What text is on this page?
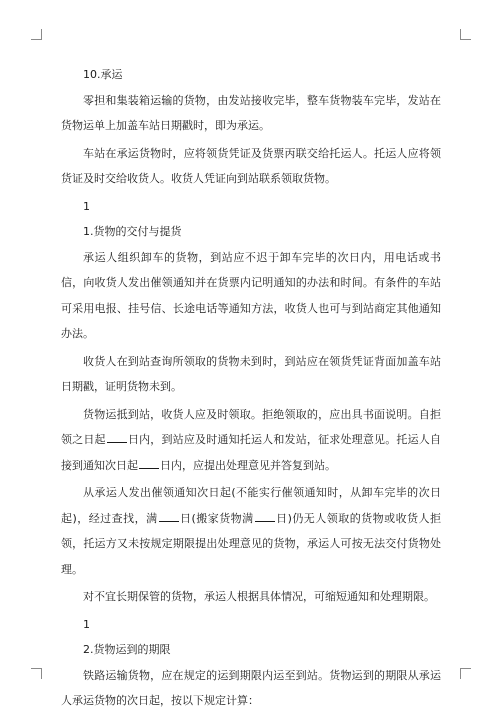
10.承运

零担和集装箱运输的货物，由发站接收完毕，整车货物装车完毕，发站在货物运单上加盖车站日期戳时，即为承运。

车站在承运货物时，应将领货凭证及货票丙联交给托运人。托运人应将领货证及时交给收货人。收货人凭证向到站联系领取货物。

1

1.货物的交付与提货

承运人组织卸车的货物，到站应不迟于卸车完毕的次日内，用电话或书信，向收货人发出催领通知并在货票内记明通知的办法和时间。有条件的车站可采用电报、挂号信、长途电话等通知方法，收货人也可与到站商定其他通知办法。

收货人在到站查询所领取的货物未到时，到站应在领货凭证背面加盖车站日期戳，证明货物未到。

货物运抵到站，收货人应及时领取。拒绝领取的，应出具书面说明。自拒领之日起 日内，到站应及时通知托运人和发站，征求处理意见。托运人自接到通知次日起 日内，应提出处理意见并答复到站。

从承运人发出催领通知次日起(不能实行催领通知时，从卸车完毕的次日起)，经过查找，满 日(搬家货物满 日)仍无人领取的货物或收货人拒领，托运方又未按规定期限提出处理意见的货物，承运人可按无法交付货物处理。

对不宜长期保管的货物，承运人根据具体情况，可缩短通知和处理期限。

1

2.货物运到的期限

铁路运输货物，应在规定的运到期限内运至到站。货物运到的期限从承运人承运货物的次日起，按以下规定计算：
